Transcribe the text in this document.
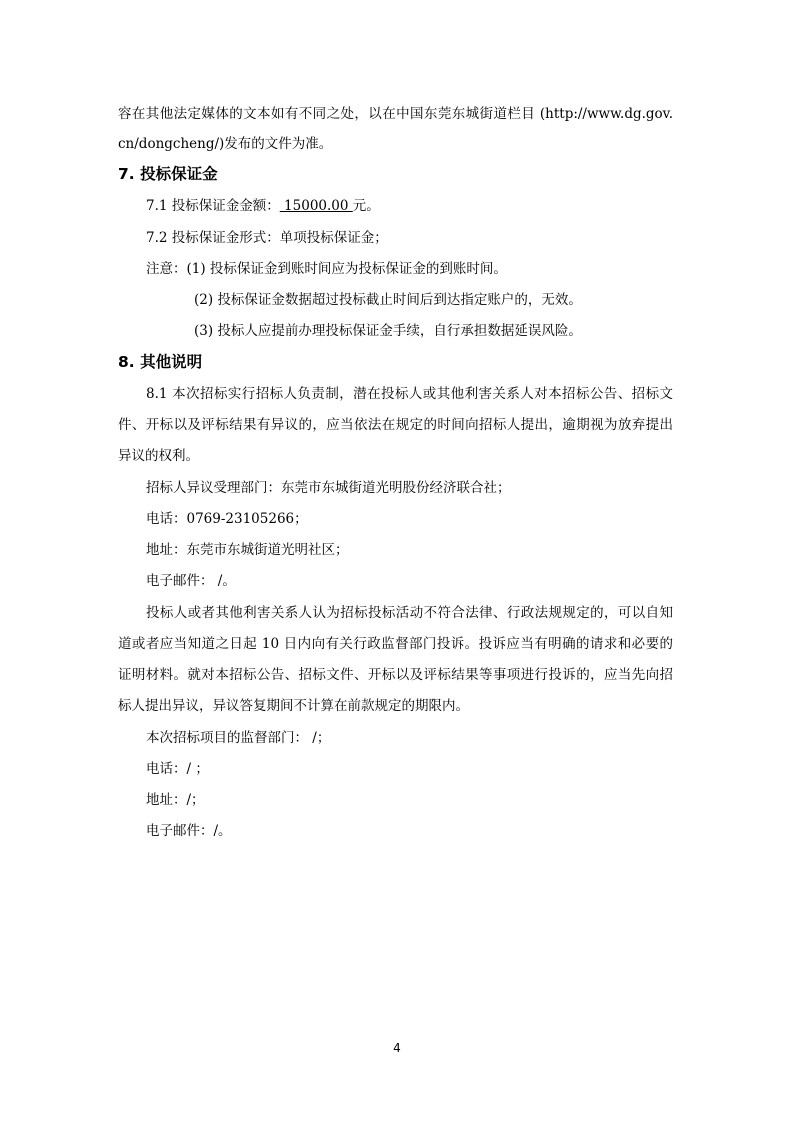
容在其他法定媒体的文本如有不同之处，以在中国东莞东城街道栏目 (http://www.dg.gov.
cn/dongcheng/)发布的文件为准。
7. 投标保证金
7.1 投标保证金金额： 15000.00 元。
7.2 投标保证金形式：单项投标保证金；
注意：(1) 投标保证金到账时间应为投标保证金的到账时间。
(2) 投标保证金数据超过投标截止时间后到达指定账户的，无效。
(3) 投标人应提前办理投标保证金手续，自行承担数据延误风险。
8. 其他说明
8.1 本次招标实行招标人负责制，潜在投标人或其他利害关系人对本招标公告、招标文
件、开标以及评标结果有异议的，应当依法在规定的时间向招标人提出，逾期视为放弃提出
异议的权利。
招标人异议受理部门：东莞市东城街道光明股份经济联合社；
电话：0769-23105266；
地址：东莞市东城街道光明社区；
电子邮件： /。
投标人或者其他利害关系人认为招标投标活动不符合法律、行政法规规定的，可以自知
道或者应当知道之日起 10 日内向有关行政监督部门投诉。投诉应当有明确的请求和必要的
证明材料。就对本招标公告、招标文件、开标以及评标结果等事项进行投诉的，应当先向招
标人提出异议，异议答复期间不计算在前款规定的期限内。
本次招标项目的监督部门： /；
电话：/ ；
地址：/；
电子邮件：/。
4
